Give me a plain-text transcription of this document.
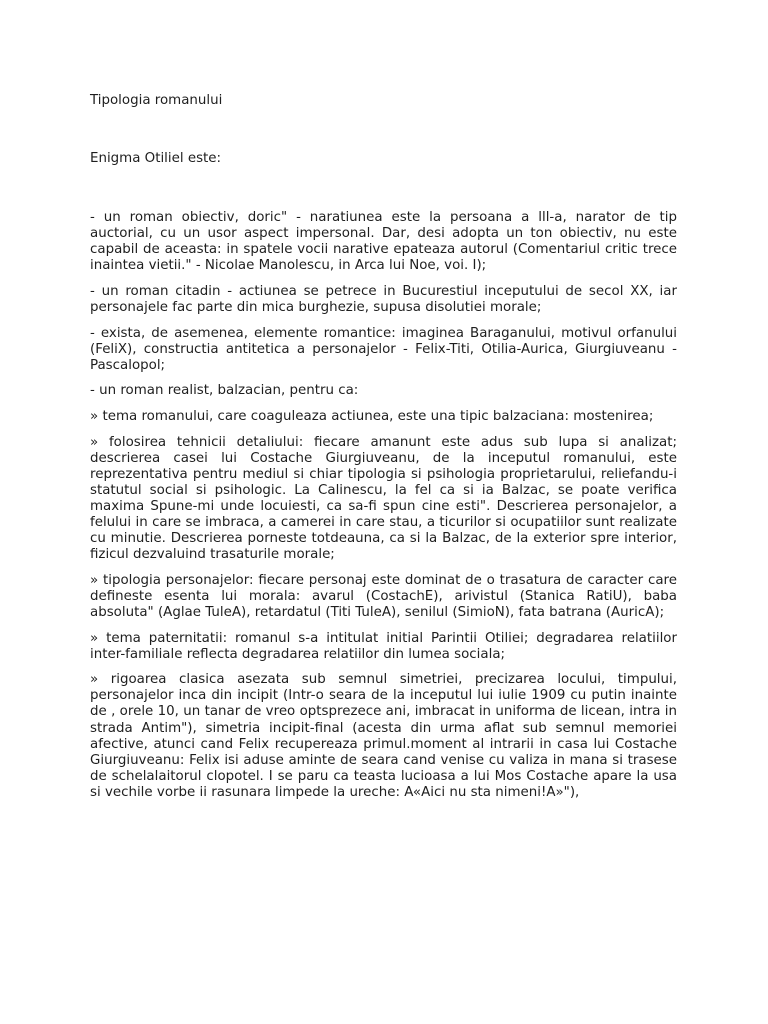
Tipologia romanului
Enigma Otiliel este:

- un roman obiectiv, doric" - naratiunea este la persoana a lll-a, narator de tip auctorial, cu un usor aspect impersonal. Dar, desi adopta un ton obiectiv, nu este capabil de aceasta: in spatele vocii narative epateaza autorul (Comentariul critic trece inaintea vietii." - Nicolae Manolescu, in Arca lui Noe, voi. I);

- un roman citadin - actiunea se petrece in Bucurestiul inceputului de secol XX, iar personajele fac parte din mica burghezie, supusa disolutiei morale;

- exista, de asemenea, elemente romantice: imaginea Baraganului, motivul orfanului (FeliX), constructia antitetica a personajelor - Felix-Titi, Otilia-Aurica, Giurgiuveanu - Pascalopol;

- un roman realist, balzacian, pentru ca:

» tema romanului, care coaguleaza actiunea, este una tipic balzaciana: mostenirea;

» folosirea tehnicii detaliului: fiecare amanunt este adus sub lupa si analizat; descrierea casei lui Costache Giurgiuveanu, de la inceputul romanului, este reprezentativa pentru mediul si chiar tipologia si psihologia proprietarului, reliefandu-i statutul social si psihologic. La Calinescu, la fel ca si ia Balzac, se poate verifica maxima Spune-mi unde locuiesti, ca sa-fi spun cine esti". Descrierea personajelor, a felului in care se imbraca, a camerei in care stau, a ticurilor si ocupatiilor sunt realizate cu minutie. Descrierea porneste totdeauna, ca si la Balzac, de la exterior spre interior, fizicul dezvaluind trasaturile morale;

» tipologia personajelor: fiecare personaj este dominat de o trasatura de caracter care defineste esenta lui morala: avarul (CostachE), arivistul (Stanica RatiU), baba absoluta" (Aglae TuleA), retardatul (Titi TuleA), senilul (SimioN), fata batrana (AuricA);

» tema paternitatii: romanul s-a intitulat initial Parintii Otiliei; degradarea relatiilor inter-familiale reflecta degradarea relatiilor din lumea sociala;

» rigoarea clasica asezata sub semnul simetriei, precizarea locului, timpului, personajelor inca din incipit (Intr-o seara de la inceputul lui iulie 1909 cu putin inainte de , orele 10, un tanar de vreo optsprezece ani, imbracat in uniforma de licean, intra in strada Antim"), simetria incipit-final (acesta din urma aflat sub semnul memoriei afective, atunci cand Felix recupereaza primul.moment al intrarii in casa lui Costache Giurgiuveanu: Felix isi aduse aminte de seara cand venise cu valiza in mana si trasese de schelalaitorul clopotel. I se paru ca teasta lucioasa a lui Mos Costache apare la usa si vechile vorbe ii rasunara limpede la ureche: A«Aici nu sta nimeni!A»"),
